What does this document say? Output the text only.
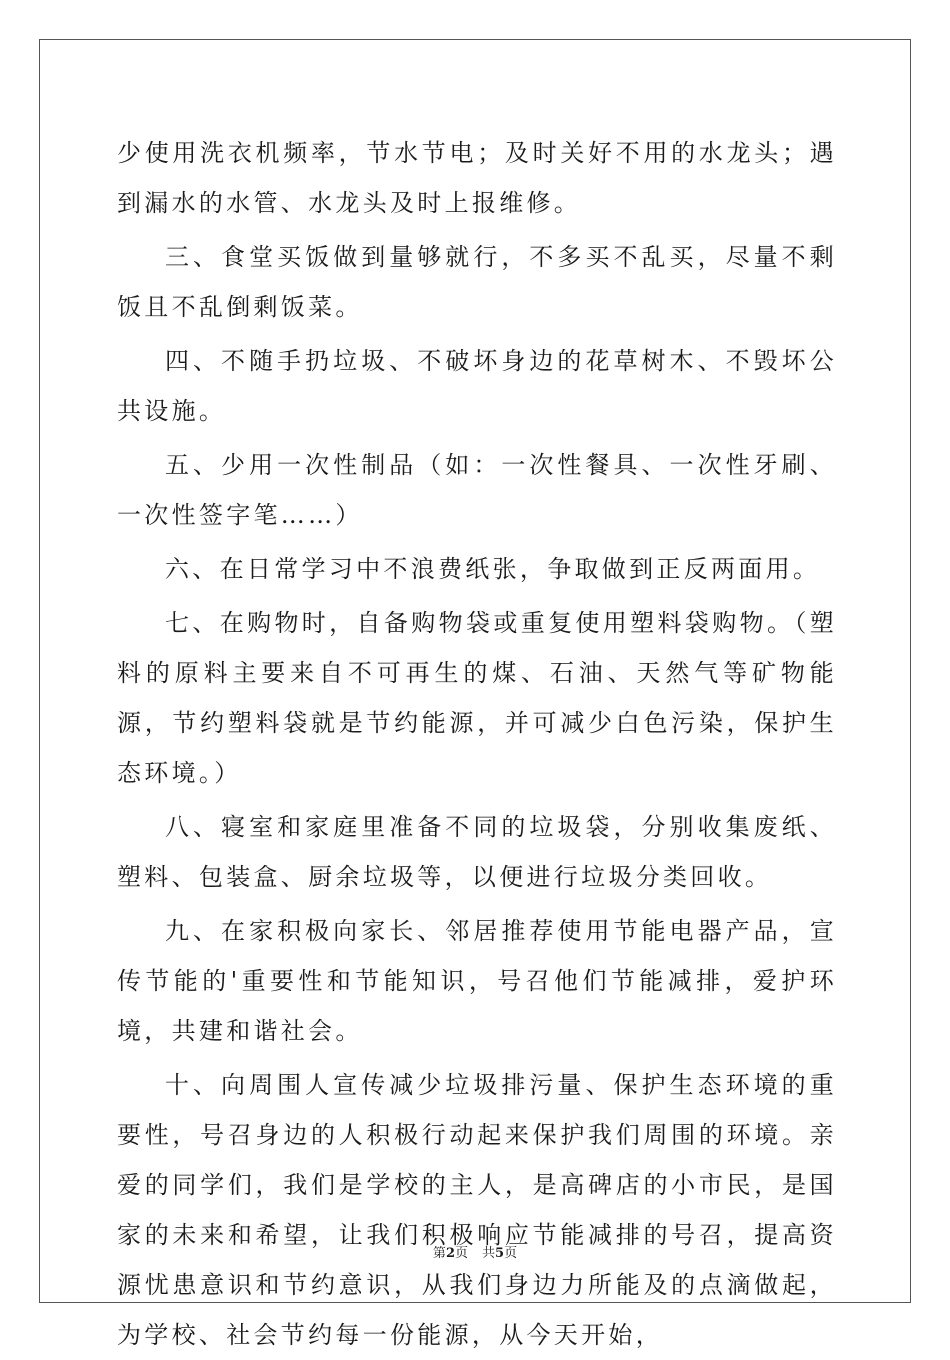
少使用洗衣机频率，节水节电；及时关好不用的水龙头；遇到漏水的水管、水龙头及时上报维修。

三、食堂买饭做到量够就行，不多买不乱买，尽量不剩饭且不乱倒剩饭菜。

四、不随手扔垃圾、不破坏身边的花草树木、不毁坏公共设施。

五、少用一次性制品（如：一次性餐具、一次性牙刷、一次性签字笔……）

六、在日常学习中不浪费纸张，争取做到正反两面用。

七、在购物时，自备购物袋或重复使用塑料袋购物。（塑料的原料主要来自不可再生的煤、石油、天然气等矿物能源，节约塑料袋就是节约能源，并可减少白色污染，保护生态环境。）

八、寝室和家庭里准备不同的垃圾袋，分别收集废纸、塑料、包装盒、厨余垃圾等，以便进行垃圾分类回收。

九、在家积极向家长、邻居推荐使用节能电器产品，宣传节能的'重要性和节能知识，号召他们节能减排，爱护环境，共建和谐社会。

十、向周围人宣传减少垃圾排污量、保护生态环境的重要性，号召身边的人积极行动起来保护我们周围的环境。亲爱的同学们，我们是学校的主人，是高碑店的小市民，是国家的未来和希望，让我们积极响应节能减排的号召，提高资源忧患意识和节约意识，从我们身边力所能及的点滴做起，为学校、社会节约每一份能源，从今天开始，

第2页 共5页
